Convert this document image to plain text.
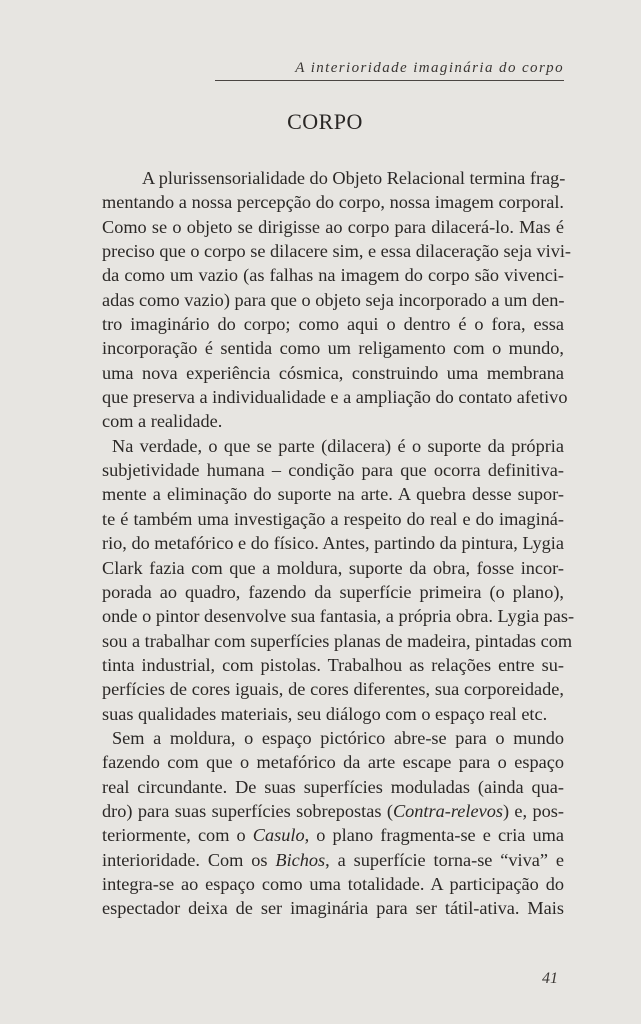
A interioridade imaginária do corpo
CORPO
A plurissensorialidade do Objeto Relacional termina frag-
mentando a nossa percepção do corpo, nossa imagem corporal.
Como se o objeto se dirigisse ao corpo para dilacerá-lo. Mas é
preciso que o corpo se dilacere sim, e essa dilaceração seja vivi-
da como um vazio (as falhas na imagem do corpo são vivenci-
adas como vazio) para que o objeto seja incorporado a um den-
tro imaginário do corpo; como aqui o dentro é o fora, essa
incorporação é sentida como um religamento com o mundo,
uma nova experiência cósmica, construindo uma membrana
que preserva a individualidade e a ampliação do contato afetivo
com a realidade.
Na verdade, o que se parte (dilacera) é o suporte da própria
subjetividade humana – condição para que ocorra definitiva-
mente a eliminação do suporte na arte. A quebra desse supor-
te é também uma investigação a respeito do real e do imaginá-
rio, do metafórico e do físico. Antes, partindo da pintura, Lygia
Clark fazia com que a moldura, suporte da obra, fosse incor-
porada ao quadro, fazendo da superfície primeira (o plano),
onde o pintor desenvolve sua fantasia, a própria obra. Lygia pas-
sou a trabalhar com superfícies planas de madeira, pintadas com
tinta industrial, com pistolas. Trabalhou as relações entre su-
perfícies de cores iguais, de cores diferentes, sua corporeidade,
suas qualidades materiais, seu diálogo com o espaço real etc.
Sem a moldura, o espaço pictórico abre-se para o mundo
fazendo com que o metafórico da arte escape para o espaço
real circundante. De suas superfícies moduladas (ainda qua-
dro) para suas superfícies sobrepostas (Contra-relevos) e, pos-
teriormente, com o Casulo, o plano fragmenta-se e cria uma
interioridade. Com os Bichos, a superfície torna-se “viva” e
integra-se ao espaço como uma totalidade. A participação do
espectador deixa de ser imaginária para ser tátil-ativa. Mais
41
